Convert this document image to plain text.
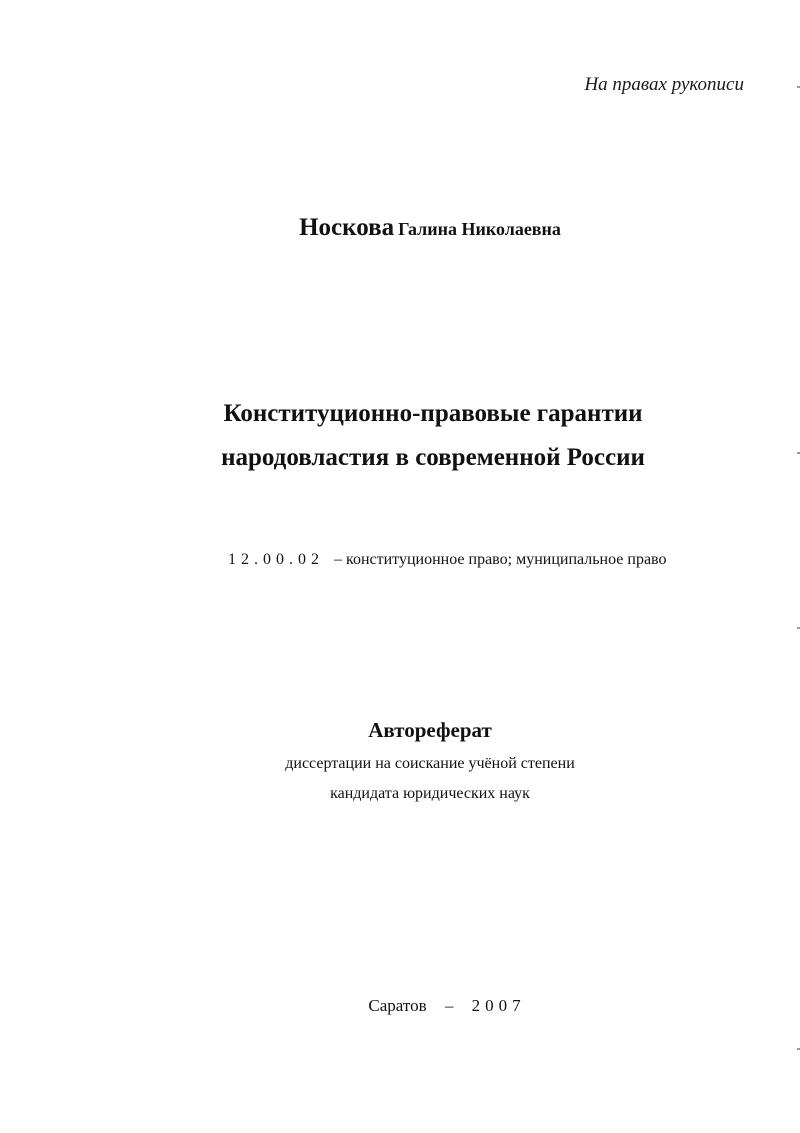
На правах рукописи
Носкова Галина Николаевна
Конституционно-правовые гарантии
народовластия в современной России
12.00.02 – конституционное право; муниципальное право
Автореферат
диссертации на соискание учёной степени
кандидата юридических наук
Саратов – 2007
